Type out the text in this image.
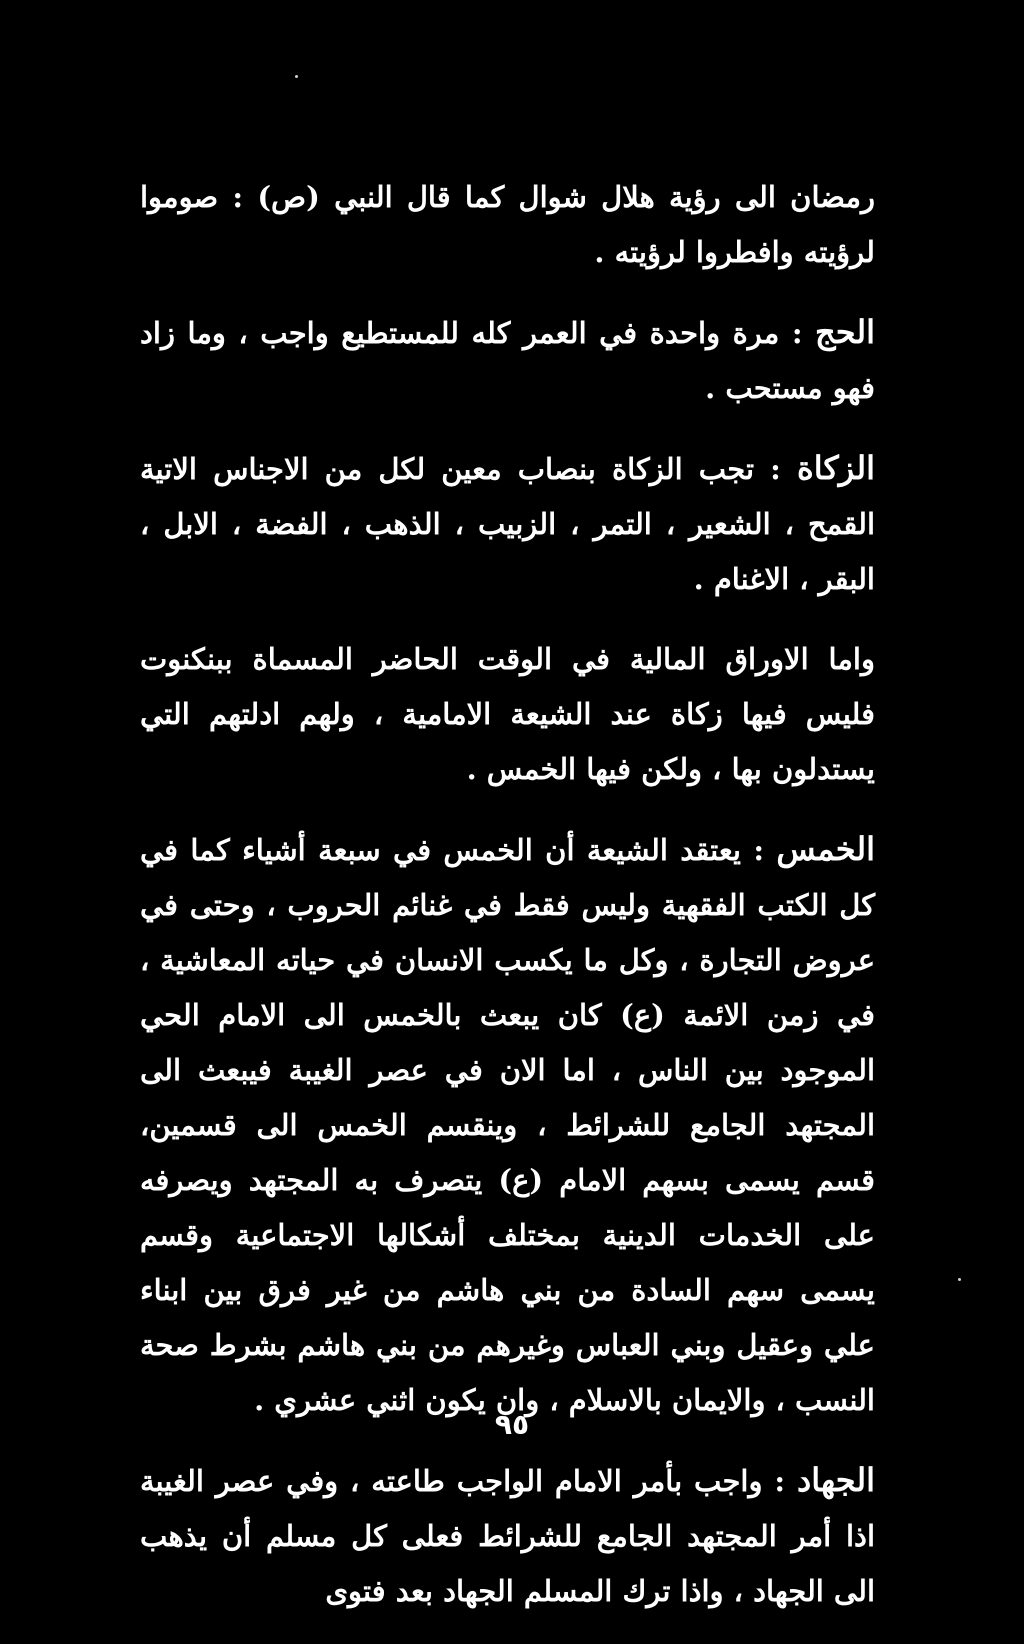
رمضان الى رؤية هلال شوال كما قال النبي (ص) : صوموا لرؤيته وافطروا لرؤيته .

الحج : مرة واحدة في العمر كله للمستطيع واجب ، وما زاد فهو مستحب .

الزكاة : تجب الزكاة بنصاب معين لكل من الاجناس الاتية القمح ، الشعير ، التمر ، الزبيب ، الذهب ، الفضة ، الابل ، البقر ، الاغنام .

واما الاوراق المالية في الوقت الحاضر المسماة ببنكنوت فليس فيها زكاة عند الشيعة الامامية ، ولهم ادلتهم التي يستدلون بها ، ولكن فيها الخمس .

الخمس : يعتقد الشيعة أن الخمس في سبعة أشياء كما في كل الكتب الفقهية وليس فقط في غنائم الحروب ، وحتى في عروض التجارة ، وكل ما يكسب الانسان في حياته المعاشية ، في زمن الائمة (ع) كان يبعث بالخمس الى الامام الحي الموجود بين الناس ، اما الان في عصر الغيبة فيبعث الى المجتهد الجامع للشرائط ، وينقسم الخمس الى قسمين، قسم يسمى بسهم الامام (ع) يتصرف به المجتهد ويصرفه على الخدمات الدينية بمختلف أشكالها الاجتماعية وقسم يسمى سهم السادة من بني هاشم من غير فرق بين ابناء علي وعقيل وبني العباس وغيرهم من بني هاشم بشرط صحة النسب ، والايمان بالاسلام ، وان يكون اثني عشري .

الجهاد : واجب بأمر الامام الواجب طاعته ، وفي عصر الغيبة اذا أمر المجتهد الجامع للشرائط فعلى كل مسلم أن يذهب الى الجهاد ، واذا ترك المسلم الجهاد بعد فتوى

٩٥
